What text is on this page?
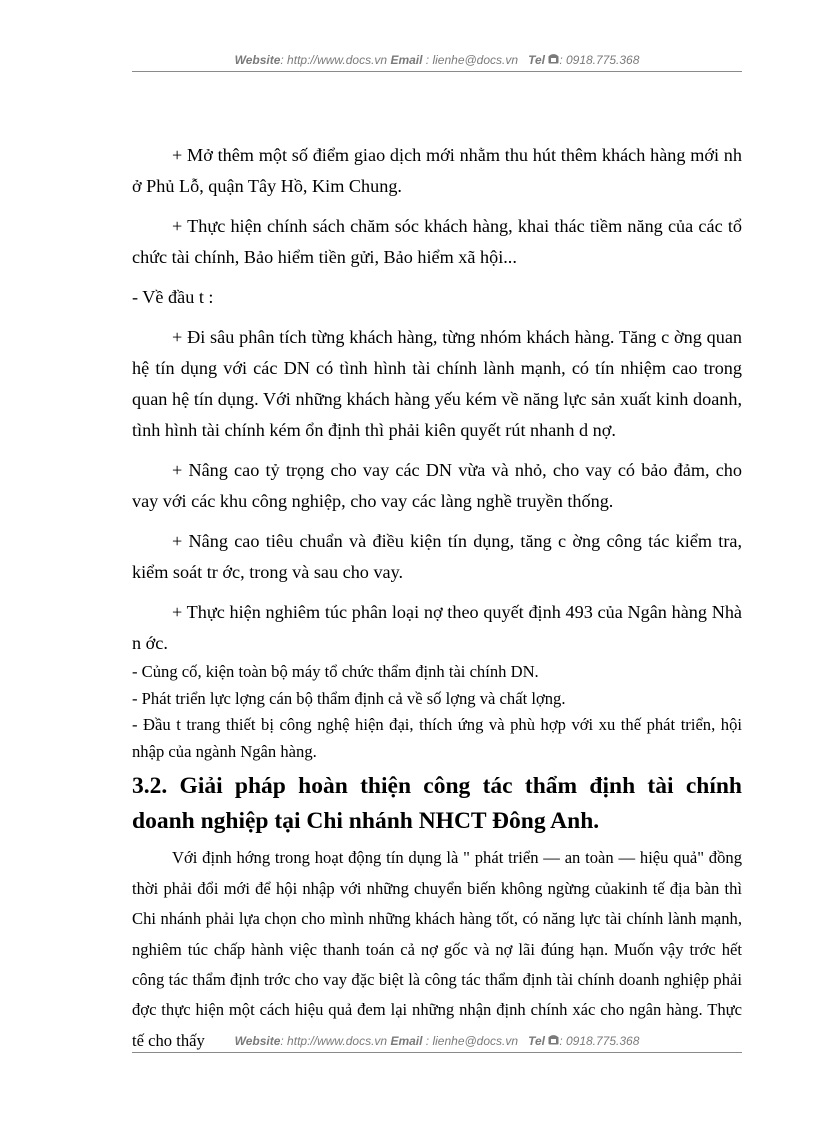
Website: http://www.docs.vn Email : lienhe@docs.vn Tel : 0918.775.368

+ Mở thêm một số điểm giao dịch mới nhằm thu hút thêm khách hàng mới nh ở Phủ Lỗ, quận Tây Hồ, Kim Chung.

+ Thực hiện chính sách chăm sóc khách hàng, khai thác tiềm năng của các tổ chức tài chính, Bảo hiểm tiền gửi, Bảo hiểm xã hội...

- Về đầu t :

+ Đi sâu phân tích từng khách hàng, từng nhóm khách hàng. Tăng c ờng quan hệ tín dụng với các DN có tình hình tài chính lành mạnh, có tín nhiệm cao trong quan hệ tín dụng. Với những khách hàng yếu kém về năng lực sản xuất kinh doanh, tình hình tài chính kém ổn định thì phải kiên quyết rút nhanh d nợ.

+ Nâng cao tỷ trọng cho vay các DN vừa và nhỏ, cho vay có bảo đảm, cho vay với các khu công nghiệp, cho vay các làng nghề truyền thống.

+ Nâng cao tiêu chuẩn và điều kiện tín dụng, tăng c ờng công tác kiểm tra, kiểm soát tr ớc, trong và sau cho vay.

+ Thực hiện nghiêm túc phân loại nợ theo quyết định 493 của Ngân hàng Nhà n ớc.

- Củng cố, kiện toàn bộ máy tổ chức thẩm định tài chính DN.

- Phát triển lực lợng cán bộ thẩm định cả về số lợng và chất lợng.

- Đầu t trang thiết bị công nghệ hiện đại, thích ứng và phù hợp với xu thế phát triển, hội nhập của ngành Ngân hàng.

3.2. Giải pháp hoàn thiện công tác thẩm định tài chính doanh nghiệp tại Chi nhánh NHCT Đông Anh.

Với định hớng trong hoạt động tín dụng là " phát triển — an toàn — hiệu quả" đồng thời phải đổi mới để hội nhập với những chuyển biến không ngừng củakinh tế địa bàn thì Chi nhánh phải lựa chọn cho mình những khách hàng tốt, có năng lực tài chính lành mạnh, nghiêm túc chấp hành việc thanh toán cả nợ gốc và nợ lãi đúng hạn. Muốn vậy trớc hết công tác thẩm định trớc cho vay đặc biệt là công tác thẩm định tài chính doanh nghiệp phải đợc thực hiện một cách hiệu quả đem lại những nhận định chính xác cho ngân hàng. Thực tế cho thấy	Website: http://www.docs.vn Email : lienhe@docs.vn Tel : 0918.775.368
